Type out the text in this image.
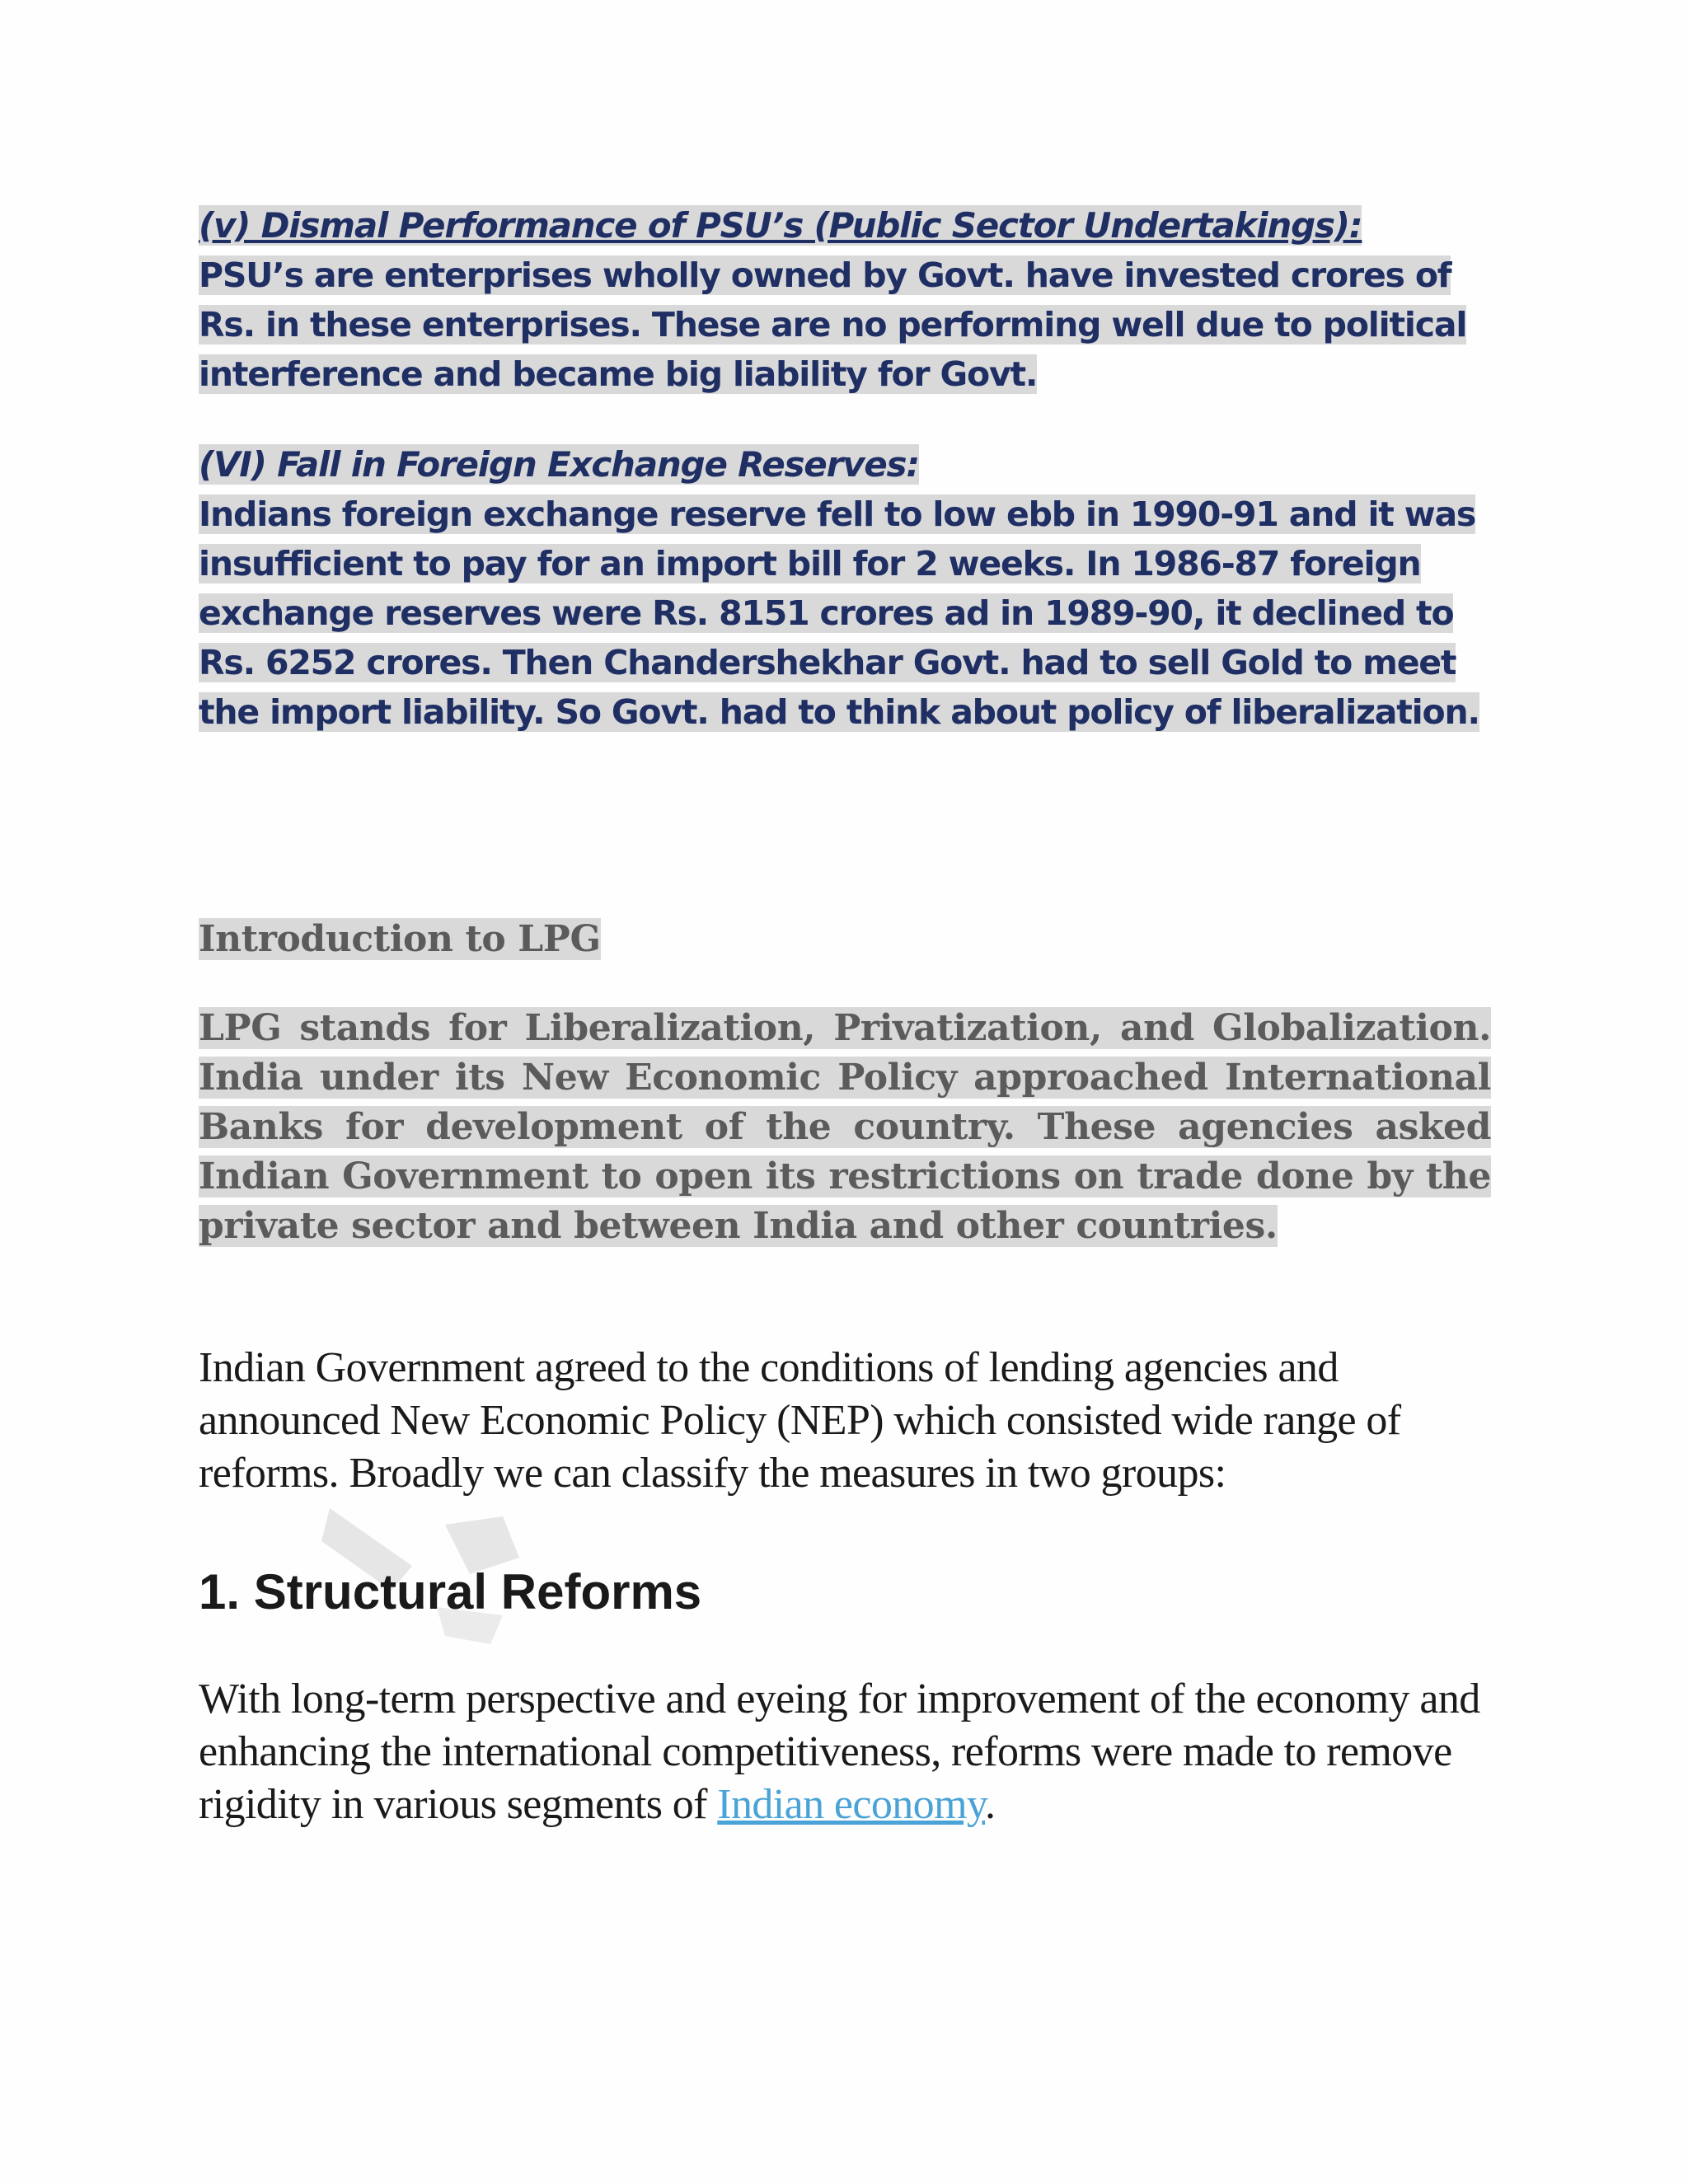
(v) Dismal Performance of PSU’s (Public Sector Undertakings):

PSU’s are enterprises wholly owned by Govt. have invested crores of Rs. in these enterprises. These are no performing well due to political interference and became big liability for Govt.

(VI) Fall in Foreign Exchange Reserves:

Indians foreign exchange reserve fell to low ebb in 1990-91 and it was insufficient to pay for an import bill for 2 weeks. In 1986-87 foreign exchange reserves were Rs. 8151 crores ad in 1989-90, it declined to Rs. 6252 crores. Then Chandershekhar Govt. had to sell Gold to meet the import liability. So Govt. had to think about policy of liberalization.

Introduction to LPG
LPG stands for Liberalization, Privatization, and Globalization. India under its New Economic Policy approached International Banks for development of the country. These agencies asked Indian Government to open its restrictions on trade done by the private sector and between India and other countries.

Indian Government agreed to the conditions of lending agencies and announced New Economic Policy (NEP) which consisted wide range of reforms. Broadly we can classify the measures in two groups:

1. Structural Reforms

With long-term perspective and eyeing for improvement of the economy and enhancing the international competitiveness, reforms were made to remove rigidity in various segments of Indian economy.
